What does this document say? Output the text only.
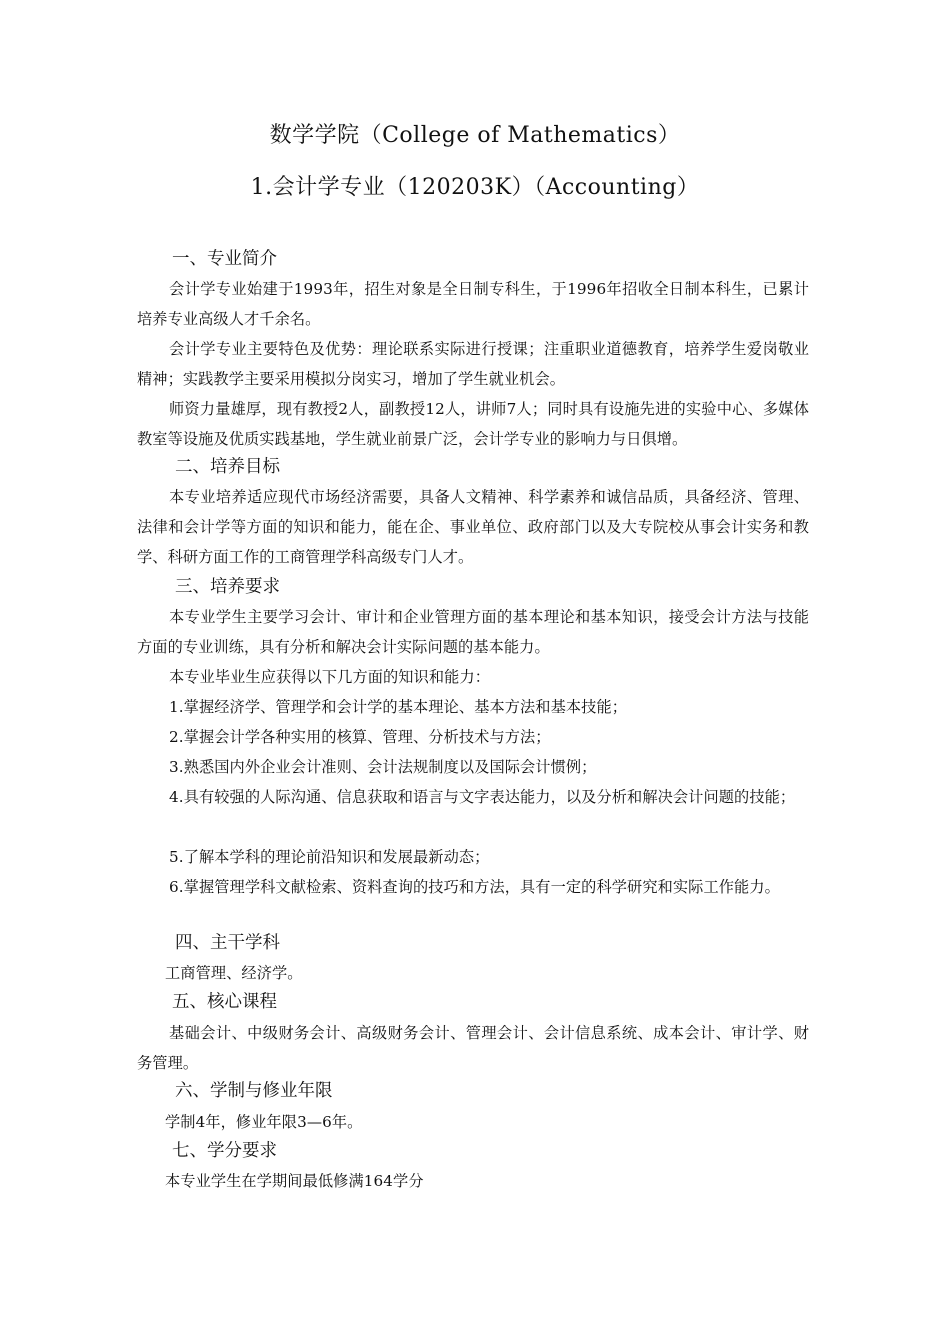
数学学院（College of Mathematics）
1.会计学专业（120203K）（Accounting）
一、专业简介

会计学专业始建于1993年，招生对象是全日制专科生，于1996年招收全日制本科生，已累计培养专业高级人才千余名。

会计学专业主要特色及优势：理论联系实际进行授课；注重职业道德教育，培养学生爱岗敬业精神；实践教学主要采用模拟分岗实习，增加了学生就业机会。

师资力量雄厚，现有教授2人，副教授12人，讲师7人；同时具有设施先进的实验中心、多媒体教室等设施及优质实践基地，学生就业前景广泛，会计学专业的影响力与日俱增。

二、培养目标

本专业培养适应现代市场经济需要，具备人文精神、科学素养和诚信品质，具备经济、管理、法律和会计学等方面的知识和能力，能在企、事业单位、政府部门以及大专院校从事会计实务和教学、科研方面工作的工商管理学科高级专门人才。

三、培养要求

本专业学生主要学习会计、审计和企业管理方面的基本理论和基本知识，接受会计方法与技能方面的专业训练，具有分析和解决会计实际问题的基本能力。

本专业毕业生应获得以下几方面的知识和能力：

1.掌握经济学、管理学和会计学的基本理论、基本方法和基本技能；

2.掌握会计学各种实用的核算、管理、分析技术与方法；

3.熟悉国内外企业会计准则、会计法规制度以及国际会计惯例；

4.具有较强的人际沟通、信息获取和语言与文字表达能力，以及分析和解决会计问题的技能；

5.了解本学科的理论前沿知识和发展最新动态；

6.掌握管理学科文献检索、资料查询的技巧和方法，具有一定的科学研究和实际工作能力。

四、主干学科

工商管理、经济学。

五、核心课程

基础会计、中级财务会计、高级财务会计、管理会计、会计信息系统、成本会计、审计学、财务管理。

六、学制与修业年限

学制4年，修业年限3—6年。

七、学分要求

本专业学生在学期间最低修满164学分
